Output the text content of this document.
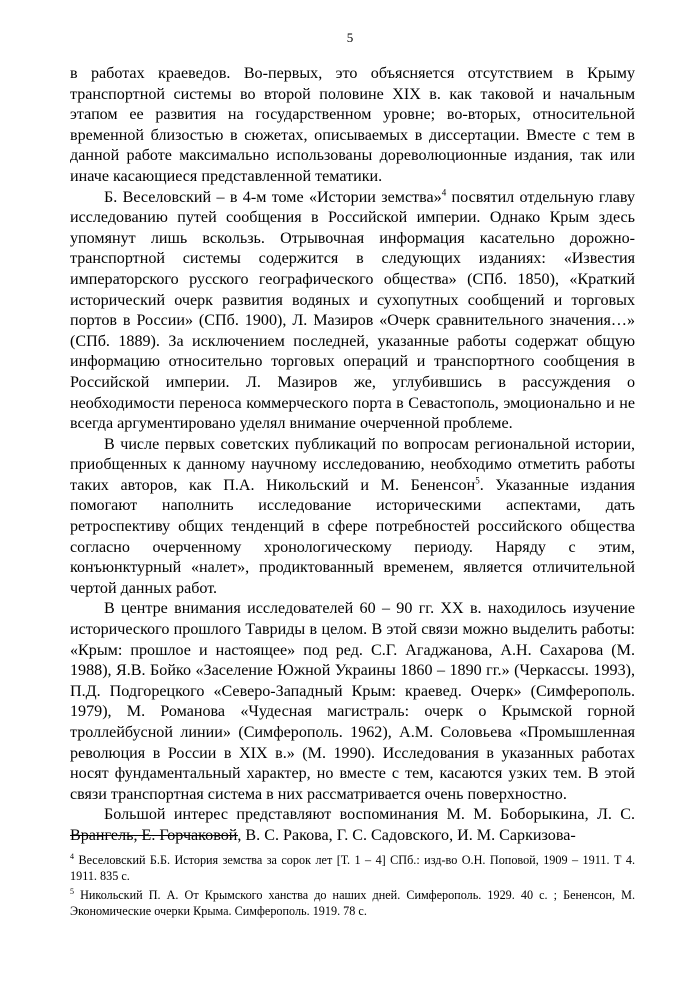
5

в работах краеведов. Во-первых, это объясняется отсутствием в Крыму транспортной системы во второй половине XIX в. как таковой и начальным этапом ее развития на государственном уровне; во-вторых, относительной временной близостью в сюжетах, описываемых в диссертации. Вместе с тем в данной работе максимально использованы дореволюционные издания, так или иначе касающиеся представленной тематики.

Б. Веселовский – в 4-м томе «Истории земства»$^4$ посвятил отдельную главу исследованию путей сообщения в Российской империи. Однако Крым здесь упомянут лишь вскользь. Отрывочная информация касательно дорожно-транспортной системы содержится в следующих изданиях: «Известия императорского русского географического общества» (СПб. 1850), «Краткий исторический очерк развития водяных и сухопутных сообщений и торговых портов в России» (СПб. 1900), Л. Мазиров «Очерк сравнительного значения…» (СПб. 1889). За исключением последней, указанные работы содержат общую информацию относительно торговых операций и транспортного сообщения в Российской империи. Л. Мазиров же, углубившись в рассуждения о необходимости переноса коммерческого порта в Севастополь, эмоционально и не всегда аргументировано уделял внимание очерченной проблеме.

В числе первых советских публикаций по вопросам региональной истории, приобщенных к данному научному исследованию, необходимо отметить работы таких авторов, как П.А. Никольский и М. Бененсон$^5$. Указанные издания помогают наполнить исследование историческими аспектами, дать ретроспективу общих тенденций в сфере потребностей российского общества согласно очерченному хронологическому периоду. Наряду с этим, конъюнктурный «налет», продиктованный временем, является отличительной чертой данных работ.

В центре внимания исследователей 60 – 90 гг. XX в. находилось изучение исторического прошлого Тавриды в целом. В этой связи можно выделить работы: «Крым: прошлое и настоящее» под ред. С.Г. Агаджанова, А.Н. Сахарова (М. 1988), Я.В. Бойко «Заселение Южной Украины 1860 – 1890 гг.» (Черкассы. 1993), П.Д. Подгорецкого «Северо-Западный Крым: краевед. Очерк» (Симферополь. 1979), М. Романова «Чудесная магистраль: очерк о Крымской горной троллейбусной линии» (Симферополь. 1962), А.М. Соловьева «Промышленная революция в России в XIX в.» (М. 1990). Исследования в указанных работах носят фундаментальный характер, но вместе с тем, касаются узких тем. В этой связи транспортная система в них рассматривается очень поверхностно.

Большой интерес представляют воспоминания М. М. Боборыкина, Л. С. Врангель, Е. Горчаковой, В. С. Ракова, Г. С. Садовского, И. М. Саркизова-

$^4$ Веселовский Б.Б. История земства за сорок лет [Т. 1 – 4] СПб.: изд-во О.Н. Поповой, 1909 – 1911. Т 4. 1911. 835 с.

$^5$ Никольский П. А. От Крымского ханства до наших дней. Симферополь. 1929. 40 с. ; Бененсон, М. Экономические очерки Крыма. Симферополь. 1919. 78 с.
